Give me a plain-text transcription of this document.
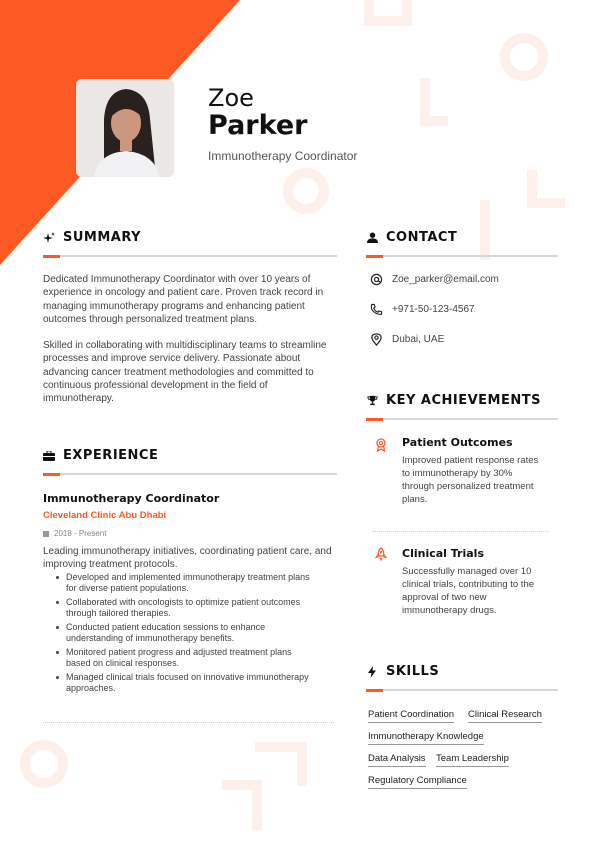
Zoe
Parker
Immunotherapy Coordinator
SUMMARY
Dedicated Immunotherapy Coordinator with over 10 years of
experience in oncology and patient care. Proven track record in
managing immunotherapy programs and enhancing patient
outcomes through personalized treatment plans.
Skilled in collaborating with multidisciplinary teams to streamline
processes and improve service delivery. Passionate about
advancing cancer treatment methodologies and committed to
continuous professional development in the field of
immunotherapy.
CONTACT
Zoe_parker@email.com
+971-50-123-4567
Dubai, UAE
KEY ACHIEVEMENTS
Patient Outcomes
Improved patient response rates
to immunotherapy by 30%
through personalized treatment
plans.
Clinical Trials
Successfully managed over 10
clinical trials, contributing to the
approval of two new
immunotherapy drugs.
EXPERIENCE
Immunotherapy Coordinator
Cleveland Clinic Abu Dhabi
2018 - Present
Leading immunotherapy initiatives, coordinating patient care, and
improving treatment protocols.
Developed and implemented immunotherapy treatment plans
for diverse patient populations.
Collaborated with oncologists to optimize patient outcomes
through tailored therapies.
Conducted patient education sessions to enhance
understanding of immunotherapy benefits.
Monitored patient progress and adjusted treatment plans
based on clinical responses.
Managed clinical trials focused on innovative immunotherapy
approaches.
SKILLS
Patient Coordination Clinical Research
Immunotherapy Knowledge
Data Analysis Team Leadership
Regulatory Compliance
